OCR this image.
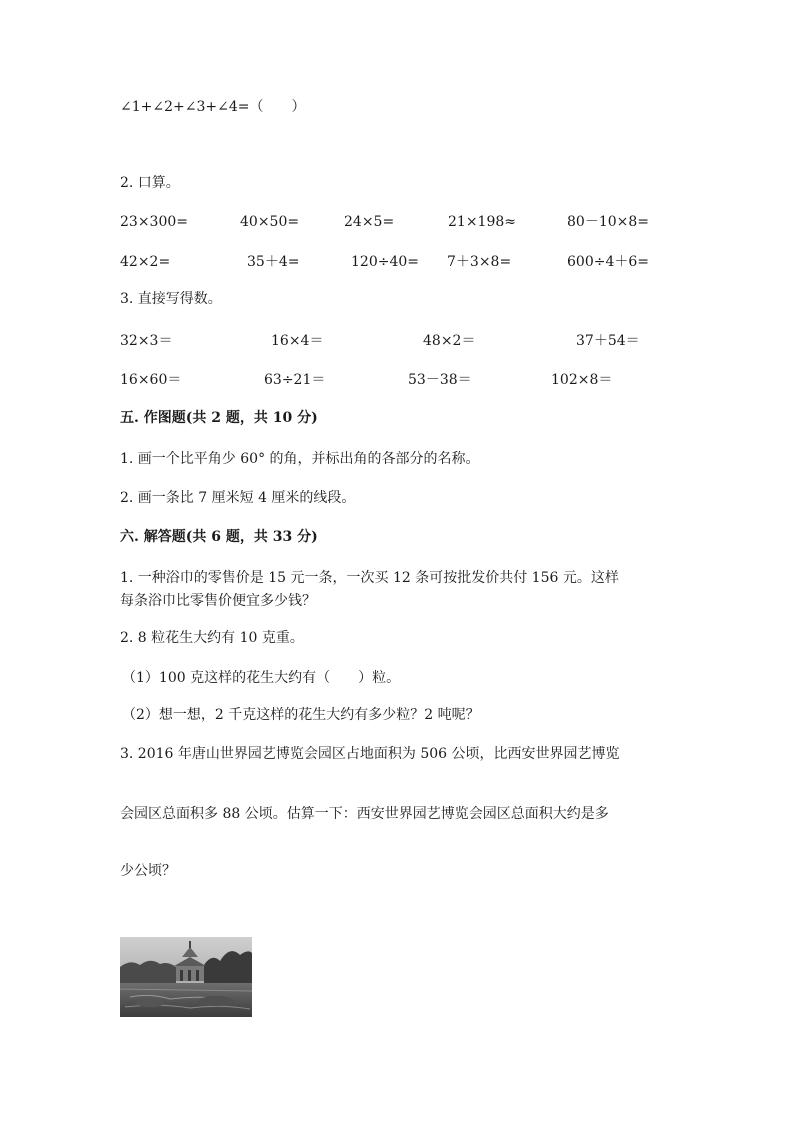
∠1+∠2+∠3+∠4=（　　）
2. 口算。
23×300=	40×50=	24×5=	21×198≈	80－10×8=
42×2=	35＋4=	120÷40= 7＋3×8=	600÷4＋6=
3. 直接写得数。
32×3＝	16×4＝	48×2＝	37＋54＝
16×60＝	63÷21＝	53－38＝	102×8＝
五. 作图题(共 2 题，共 10 分)
1. 画一个比平角少 60° 的角，并标出角的各部分的名称。
2. 画一条比 7 厘米短 4 厘米的线段。
六. 解答题(共 6 题，共 33 分)
1. 一种浴巾的零售价是 15 元一条，一次买 12 条可按批发价共付 156 元。这样
每条浴巾比零售价便宜多少钱？
2. 8 粒花生大约有 10 克重。
（1）100 克这样的花生大约有（　　）粒。
（2）想一想，2 千克这样的花生大约有多少粒？2 吨呢？
3. 2016 年唐山世界园艺博览会园区占地面积为 506 公顷，比西安世界园艺博览
会园区总面积多 88 公顷。估算一下：西安世界园艺博览会园区总面积大约是多
少公顷？
